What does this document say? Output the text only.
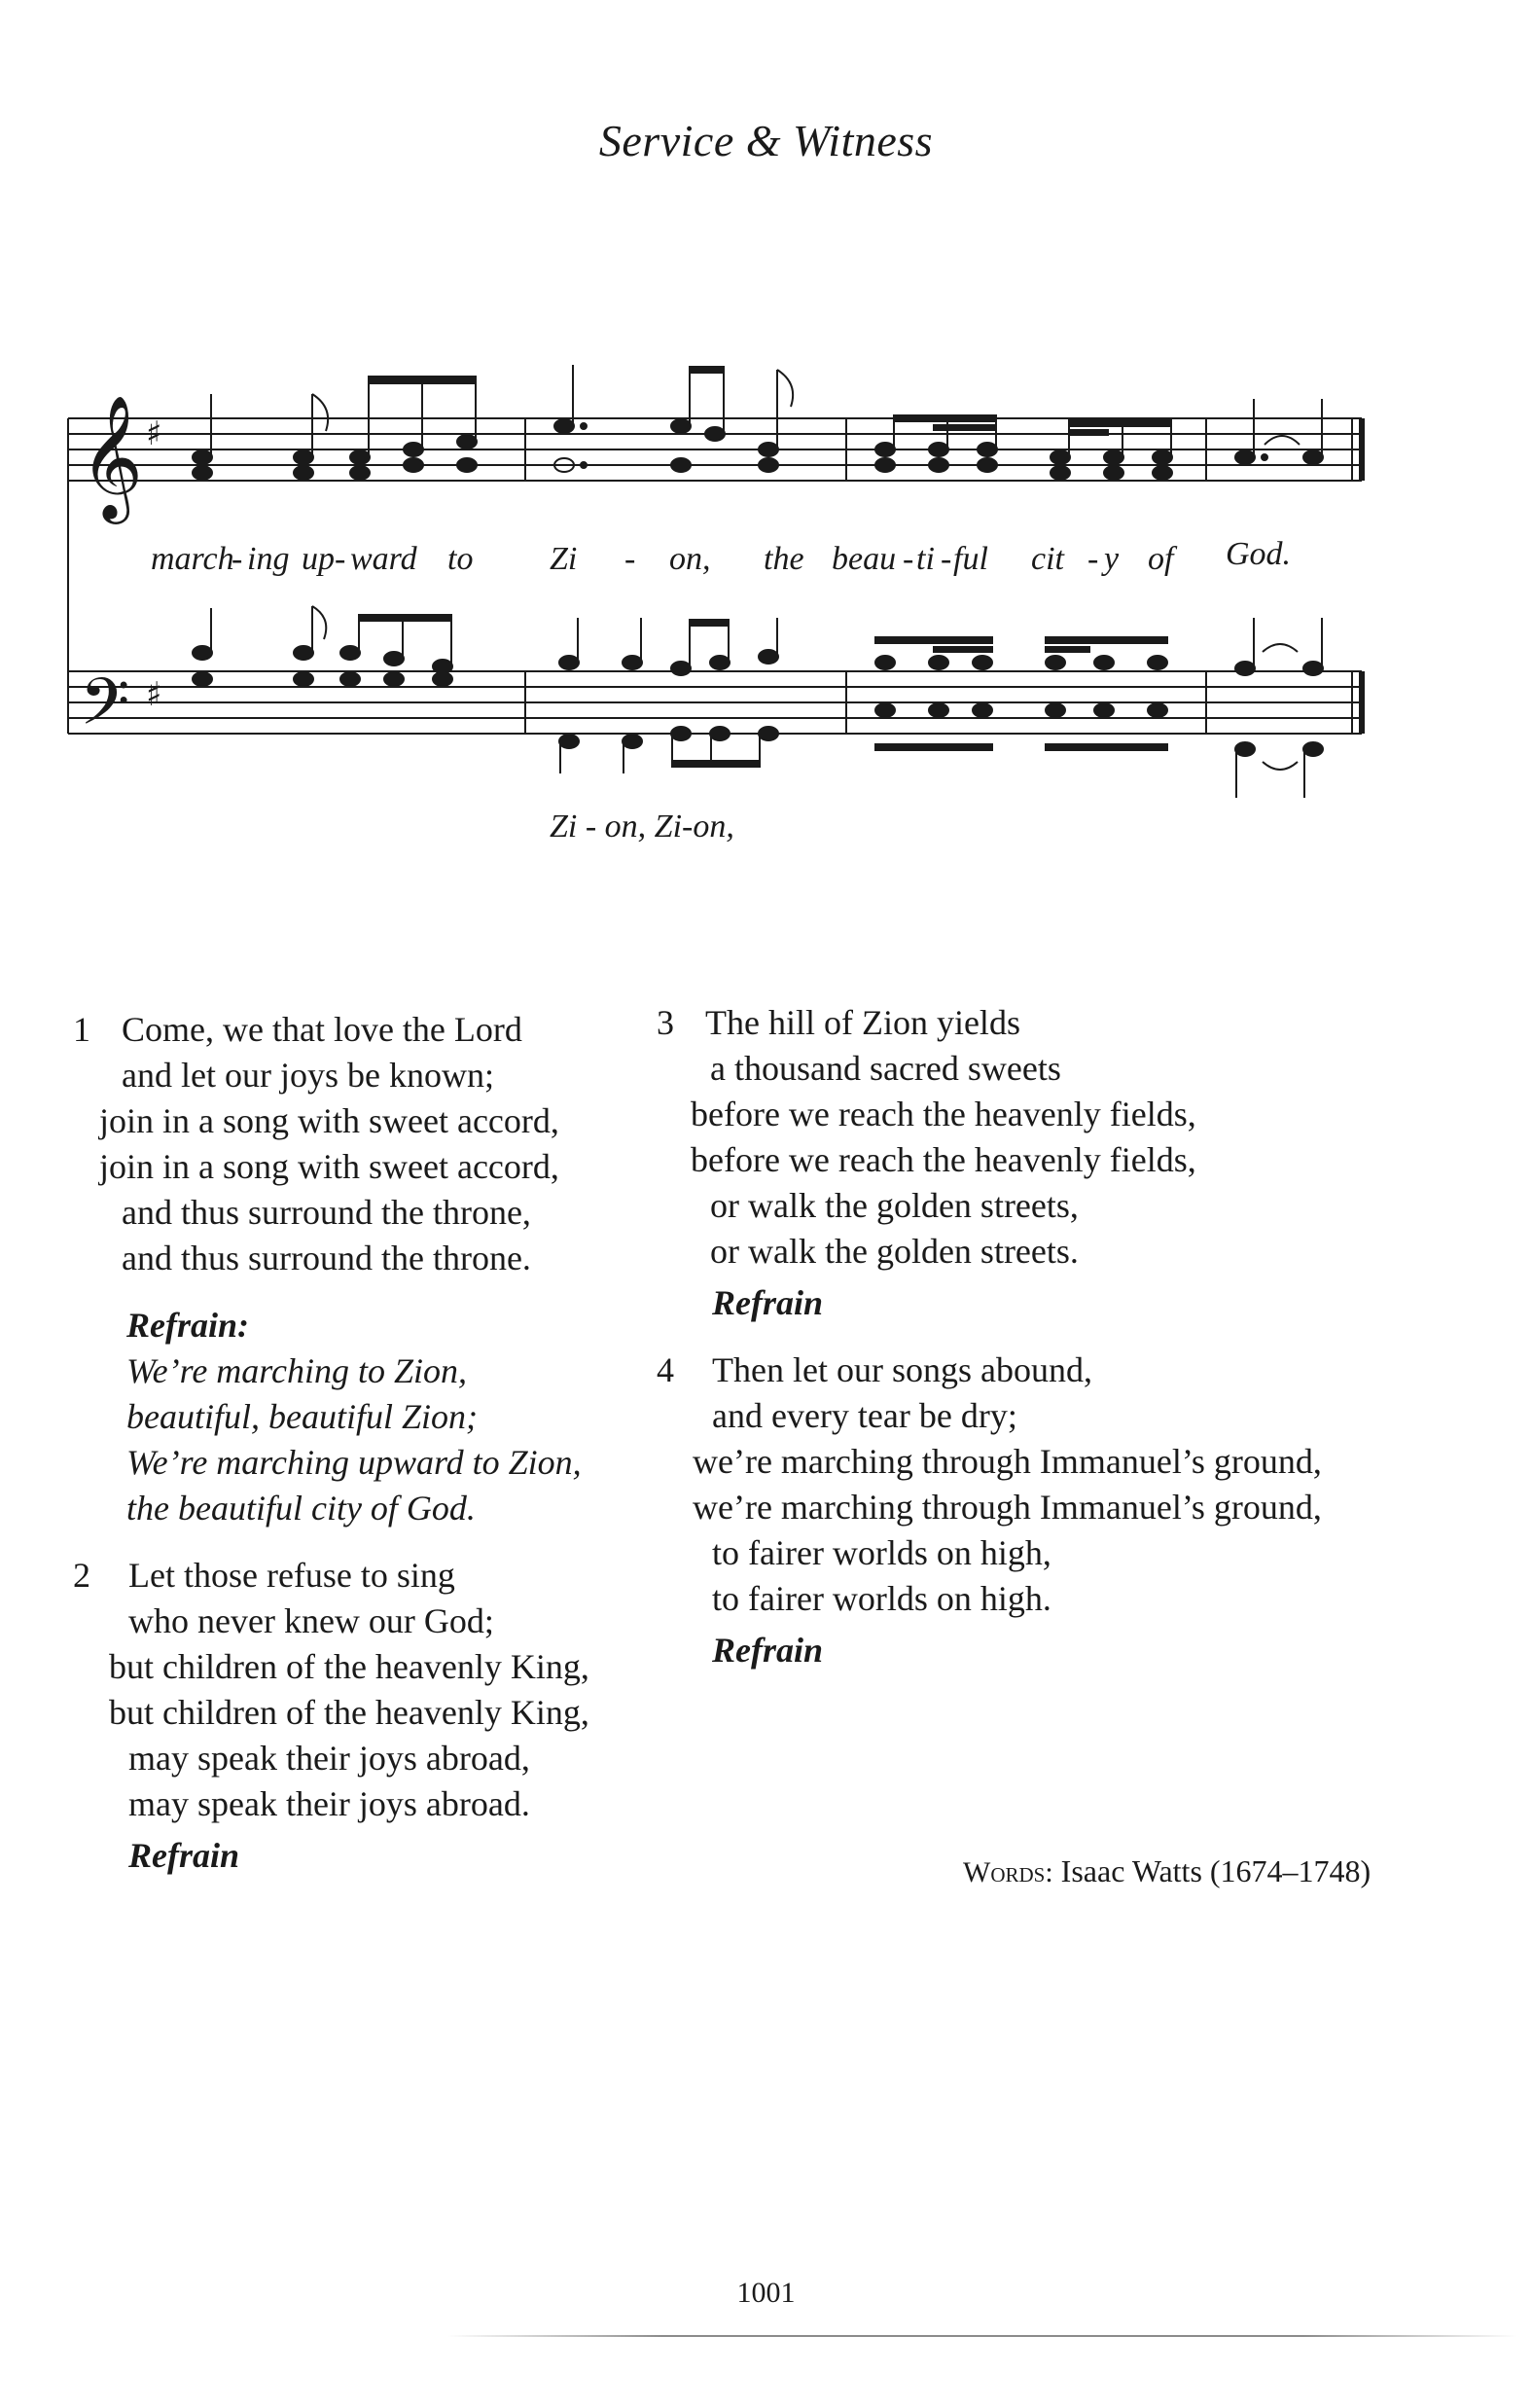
Service & Witness
𝄞 ♯
𝄢 ♯
march
- ing up - ward to Zi - on, the beau - ti - ful cit - y of God.
Zi - on, Zi-on,
1 Come, we that love the Lord
and let our joys be known;
join in a song with sweet accord,
join in a song with sweet accord,
and thus surround the throne,
and thus surround the throne.
Refrain:
We’re marching to Zion,
beautiful, beautiful Zion;
We’re marching upward to Zion,
the beautiful city of God.
2	Let those refuse to sing
who never knew our God;
but children of the heavenly King,
but children of the heavenly King,
may speak their joys abroad,
may speak their joys abroad.
Refrain
3 The hill of Zion yields
a thousand sacred sweets
before we reach the heavenly fields,
before we reach the heavenly fields,
or walk the golden streets,
or walk the golden streets.
Refrain
4	Then let our songs abound,
and every tear be dry;
we’re marching through Immanuel’s ground,
we’re marching through Immanuel’s ground,
to fairer worlds on high,
to fairer worlds on high.
Refrain
Words: Isaac Watts (1674–1748)
1001
